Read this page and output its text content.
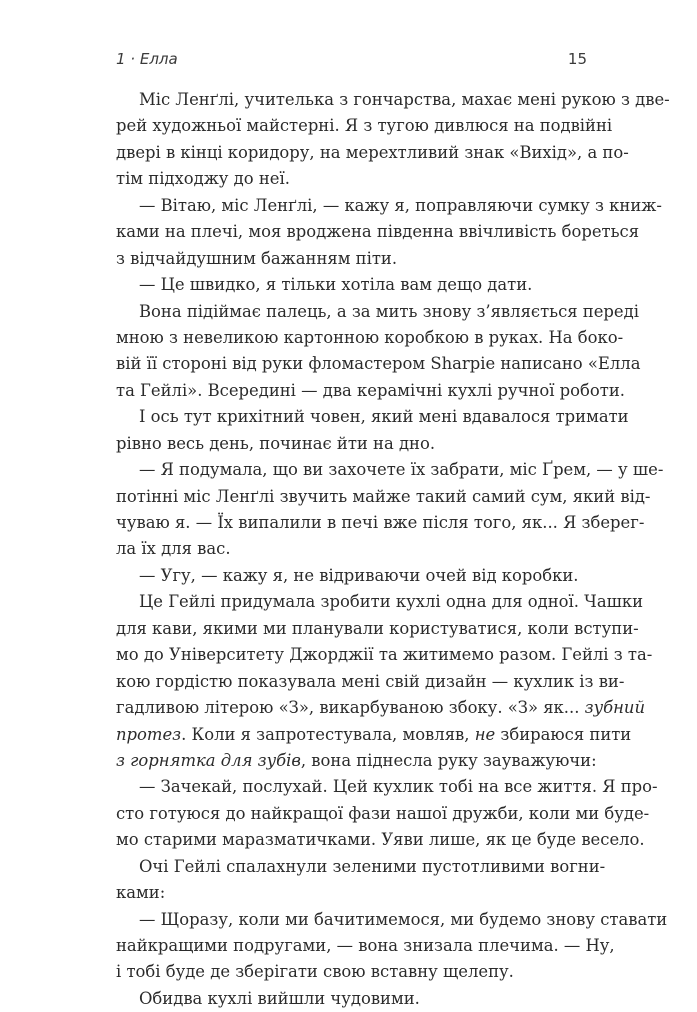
1 · Елла	15
Міс Ленґлі, учителька з гончарства, махає мені рукою з две-
рей художньої майстерні. Я з тугою дивлюся на подвійні
двері в кінці коридору, на мерехтливий знак «Вихід», а по-
тім підходжу до неї.
— Вітаю, міс Ленґлі, — кажу я, поправляючи сумку з книж-
ками на плечі, моя вроджена південна ввічливість бореться
з відчайдушним бажанням піти.
— Це швидко, я тільки хотіла вам дещо дати.
Вона підіймає палець, а за мить знову з’являється переді
мною з невеликою картонною коробкою в руках. На боко-
вій її стороні від руки фломастером Sharpie написано «Елла
та Гейлі». Всередині — два керамічні кухлі ручної роботи.
І ось тут крихітний човен, який мені вдавалося тримати
рівно весь день, починає йти на дно.
— Я подумала, що ви захочете їх забрати, міс Ґрем, — у ше-
потінні міс Ленґлі звучить майже такий самий сум, який від-
чуваю я. — Їх випалили в печі вже після того, як... Я зберег-
ла їх для вас.
— Угу, — кажу я, не відриваючи очей від коробки.
Це Гейлі придумала зробити кухлі одна для одної. Чашки
для кави, якими ми планували користуватися, коли вступи-
мо до Університету Джорджії та житимемо разом. Гейлі з та-
кою гордістю показувала мені свій дизайн — кухлик із ви-
гадливою літерою «З», викарбуваною збоку. «З» як... зубний
протез. Коли я запротестувала, мовляв, не збираюся пити
з горнятка для зубів, вона піднесла руку зауважуючи:
— Зачекай, послухай. Цей кухлик тобі на все життя. Я про-
сто готуюся до найкращої фази нашої дружби, коли ми буде-
мо старими маразматичками. Уяви лише, як це буде весело.
Очі Гейлі спалахнули зеленими пустотливими вогни-
ками:
— Щоразу, коли ми бачитимемося, ми будемо знову ставати
найкращими подругами, — вона знизала плечима. — Ну,
і тобі буде де зберігати свою вставну щелепу.
Обидва кухлі вийшли чудовими.
